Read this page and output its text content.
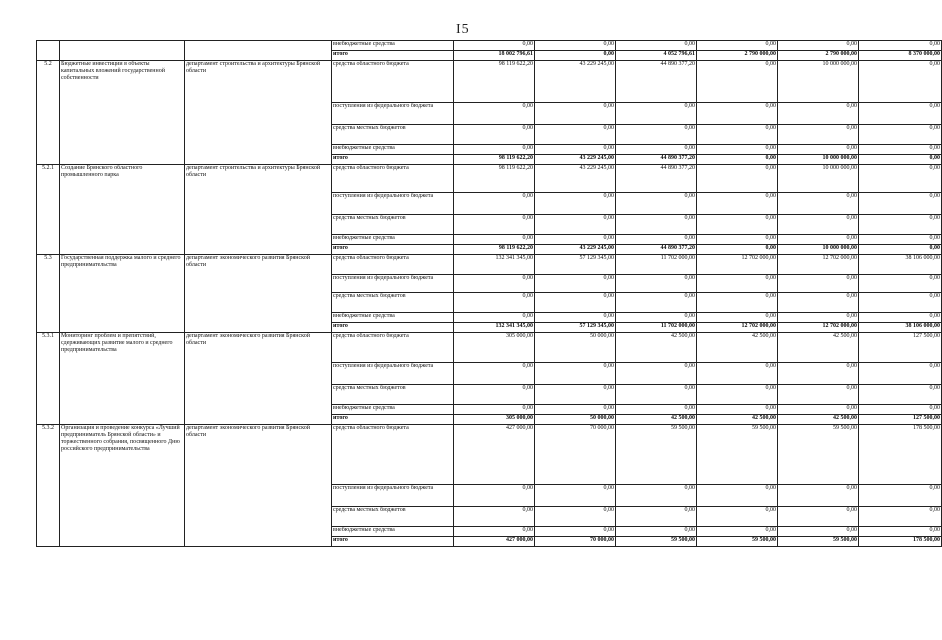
I5
			внебюджетные средства	0,00	0,00	0,00	0,00	0,00	0,00
			итого	18 002 796,61	0,00	4 052 796,61	2 790 000,00	2 790 000,00	8 370 000,00
5.2	Бюджетные инвестиции в объекты капитальных вложений государственной собственности	департамент строительства и архитектуры Брянской области	средства областного бюджета	98 119 622,20	43 229 245,00	44 890 377,20	0,00	10 000 000,00	0,00
			поступления из федерального бюджета	0,00	0,00	0,00	0,00	0,00	0,00
			средства местных бюджетов	0,00	0,00	0,00	0,00	0,00	0,00
			внебюджетные средства	0,00	0,00	0,00	0,00	0,00	0,00
			итого	98 119 622,20	43 229 245,00	44 890 377,20	0,00	10 000 000,00	0,00
5.2.1	Создание Брянского областного промышленного парка	департамент строительства и архитектуры Брянской области	средства областного бюджета	98 119 622,20	43 229 245,00	44 890 377,20	0,00	10 000 000,00	0,00
			поступления из федерального бюджета	0,00	0,00	0,00	0,00	0,00	0,00
			средства местных бюджетов	0,00	0,00	0,00	0,00	0,00	0,00
			внебюджетные средства	0,00	0,00	0,00	0,00	0,00	0,00
			итого	98 119 622,20	43 229 245,00	44 890 377,20	0,00	10 000 000,00	0,00
5.3	Государственная поддержка малого и среднего предпринимательства	департамент экономического развития Брянской области	средства областного бюджета	132 341 345,00	57 129 345,00	11 702 000,00	12 702 000,00	12 702 000,00	38 106 000,00
			поступления из федерального бюджета	0,00	0,00	0,00	0,00	0,00	0,00
			средства местных бюджетов	0,00	0,00	0,00	0,00	0,00	0,00
			внебюджетные средства	0,00	0,00	0,00	0,00	0,00	0,00
			итого	132 341 345,00	57 129 345,00	11 702 000,00	12 702 000,00	12 702 000,00	38 106 000,00
5.3.1	Мониторинг проблем и препятствий, сдерживающих развитие малого и среднего предпринимательства	департамент экономического развития Брянской области	средства областного бюджета	305 000,00	50 000,00	42 500,00	42 500,00	42 500,00	127 500,00
			поступления из федерального бюджета	0,00	0,00	0,00	0,00	0,00	0,00
			средства местных бюджетов	0,00	0,00	0,00	0,00	0,00	0,00
			внебюджетные средства	0,00	0,00	0,00	0,00	0,00	0,00
			итого	305 000,00	50 000,00	42 500,00	42 500,00	42 500,00	127 500,00
5.3.2	Организация и проведение конкурса «Лучший предприниматель Брянской области» и торжественного собрания, посвященного Дню российского предпринимательства	департамент экономического развития Брянской области	средства областного бюджета	427 000,00	70 000,00	59 500,00	59 500,00	59 500,00	178 500,00
			поступления из федерального бюджета	0,00	0,00	0,00	0,00	0,00	0,00
			средства местных бюджетов	0,00	0,00	0,00	0,00	0,00	0,00
			внебюджетные средства	0,00	0,00	0,00	0,00	0,00	0,00
			итого	427 000,00	70 000,00	59 500,00	59 500,00	59 500,00	178 500,00
